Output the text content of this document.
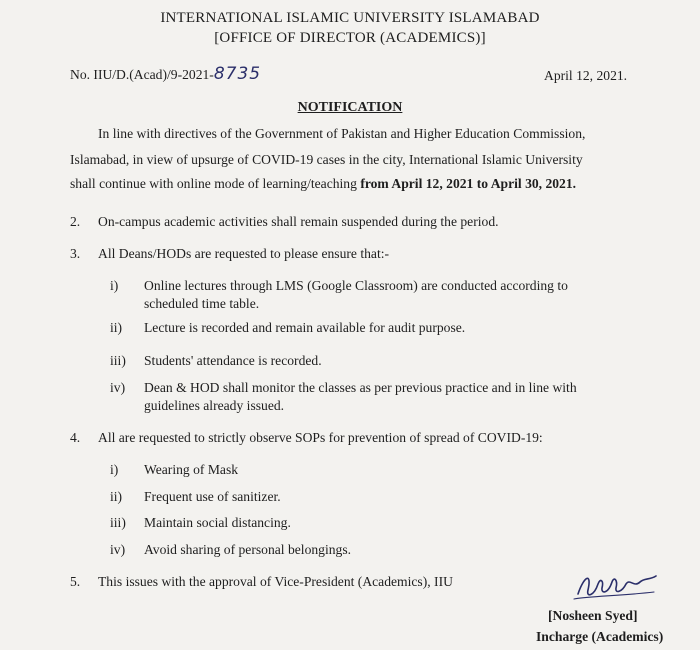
INTERNATIONAL ISLAMIC UNIVERSITY ISLAMABAD
[OFFICE OF DIRECTOR (ACADEMICS)]
No. IIU/D.(Acad)/9-2021-8735	April 12, 2021.
NOTIFICATION
In line with directives of the Government of Pakistan and Higher Education Commission,
Islamabad, in view of upsurge of COVID-19 cases in the city, International Islamic University
shall continue with online mode of learning/teaching from April 12, 2021 to April 30, 2021.
2.	On-campus academic activities shall remain suspended during the period.
3.	All Deans/HODs are requested to please ensure that:-
i)	Online lectures through LMS (Google Classroom) are conducted according to
scheduled time table.
ii)	Lecture is recorded and remain available for audit purpose.
iii)	Students' attendance is recorded.
iv)	Dean & HOD shall monitor the classes as per previous practice and in line with
guidelines already issued.
4.	All are requested to strictly observe SOPs for prevention of spread of COVID-19:
i)	Wearing of Mask
ii)	Frequent use of sanitizer.
iii)	Maintain social distancing.
iv)	Avoid sharing of personal belongings.
5.	This issues with the approval of Vice-President (Academics), IIU
[Nosheen Syed]
Incharge (Academics)
